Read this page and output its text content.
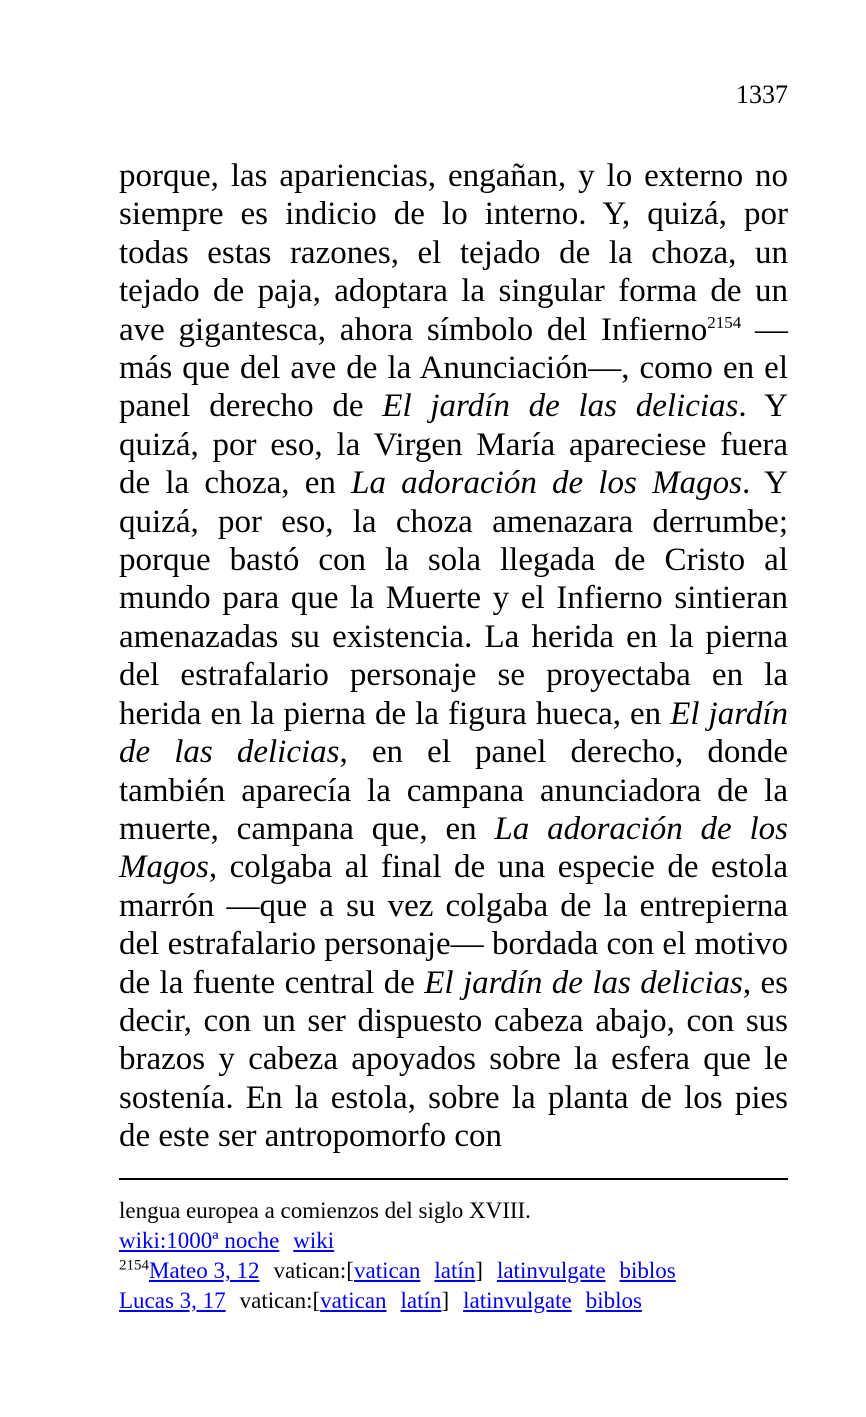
1337

porque, las apariencias, engañan, y lo externo no siempre es indicio de lo interno. Y, quizá, por todas estas razones, el tejado de la choza, un tejado de paja, adoptara la singular forma de un ave gigantesca, ahora símbolo del Infierno$^{2154}$ —más que del ave de la Anunciación—, como en el panel derecho de El jardín de las delicias. Y quizá, por eso, la Virgen María apareciese fuera de la choza, en La adoración de los Magos. Y quizá, por eso, la choza amenazara derrumbe; porque bastó con la sola llegada de Cristo al mundo para que la Muerte y el Infierno sintieran amenazadas su existencia. La herida en la pierna del estrafalario personaje se proyectaba en la herida en la pierna de la figura hueca, en El jardín de las delicias, en el panel derecho, donde también aparecía la campana anunciadora de la muerte, campana que, en La adoración de los Magos, colgaba al final de una especie de estola marrón —que a su vez colgaba de la entrepierna del estrafalario personaje— bordada con el motivo de la fuente central de El jardín de las delicias, es decir, con un ser dispuesto cabeza abajo, con sus brazos y cabeza apoyados sobre la esfera que le sostenía. En la estola, sobre la planta de los pies de este ser antropomorfo con

lengua europea a comienzos del siglo XVIII.
wiki:1000ª noche wiki
$^{2154}$Mateo 3, 12 vatican:[vatican latín] latinvulgate biblos
Lucas 3, 17 vatican:[vatican latín] latinvulgate biblos
